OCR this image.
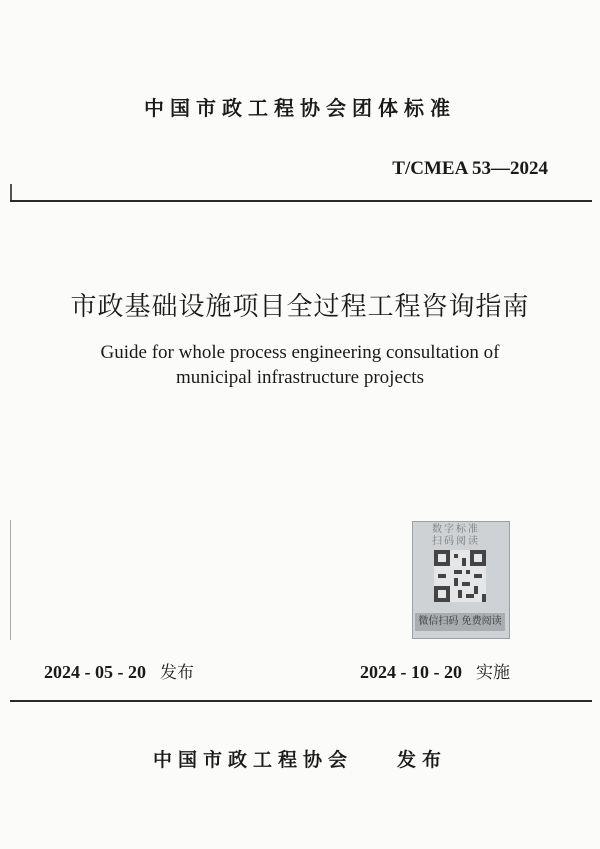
中国市政工程协会团体标准
T/CMEA 53—2024
市政基础设施项目全过程工程咨询指南
Guide for whole process engineering consultation of
municipal infrastructure projects
数字标准 扫码阅读
微信扫码 免费阅读
2024 - 05 - 20 发布	2024 - 10 - 20 实施
中国市政工程协会 发布
